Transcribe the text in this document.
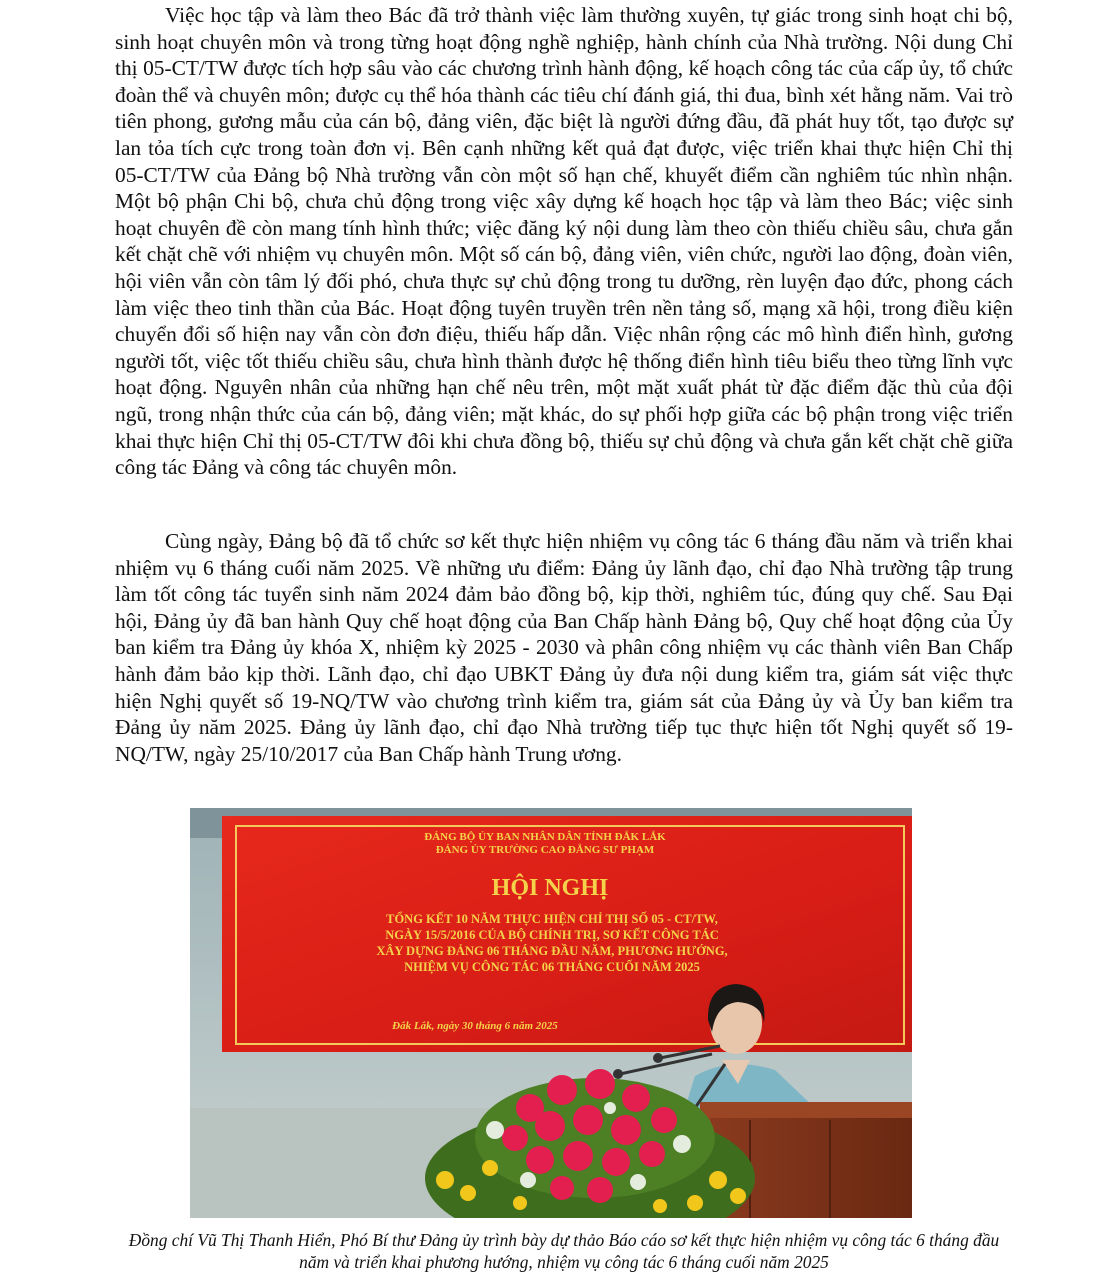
Việc học tập và làm theo Bác đã trở thành việc làm thường xuyên, tự giác trong sinh hoạt chi bộ, sinh hoạt chuyên môn và trong từng hoạt động nghề nghiệp, hành chính của Nhà trường. Nội dung Chỉ thị 05-CT/TW được tích hợp sâu vào các chương trình hành động, kế hoạch công tác của cấp ủy, tổ chức đoàn thể và chuyên môn; được cụ thể hóa thành các tiêu chí đánh giá, thi đua, bình xét hằng năm. Vai trò tiên phong, gương mẫu của cán bộ, đảng viên, đặc biệt là người đứng đầu, đã phát huy tốt, tạo được sự lan tỏa tích cực trong toàn đơn vị. Bên cạnh những kết quả đạt được, việc triển khai thực hiện Chỉ thị 05-CT/TW của Đảng bộ Nhà trường vẫn còn một số hạn chế, khuyết điểm cần nghiêm túc nhìn nhận. Một bộ phận Chi bộ, chưa chủ động trong việc xây dựng kế hoạch học tập và làm theo Bác; việc sinh hoạt chuyên đề còn mang tính hình thức; việc đăng ký nội dung làm theo còn thiếu chiều sâu, chưa gắn kết chặt chẽ với nhiệm vụ chuyên môn. Một số cán bộ, đảng viên, viên chức, người lao động, đoàn viên, hội viên vẫn còn tâm lý đối phó, chưa thực sự chủ động trong tu dưỡng, rèn luyện đạo đức, phong cách làm việc theo tinh thần của Bác. Hoạt động tuyên truyền trên nền tảng số, mạng xã hội, trong điều kiện chuyển đổi số hiện nay vẫn còn đơn điệu, thiếu hấp dẫn. Việc nhân rộng các mô hình điển hình, gương người tốt, việc tốt thiếu chiều sâu, chưa hình thành được hệ thống điển hình tiêu biểu theo từng lĩnh vực hoạt động. Nguyên nhân của những hạn chế nêu trên, một mặt xuất phát từ đặc điểm đặc thù của đội ngũ, trong nhận thức của cán bộ, đảng viên; mặt khác, do sự phối hợp giữa các bộ phận trong việc triển khai thực hiện Chỉ thị 05-CT/TW đôi khi chưa đồng bộ, thiếu sự chủ động và chưa gắn kết chặt chẽ giữa công tác Đảng và công tác chuyên môn.

Cùng ngày, Đảng bộ đã tổ chức sơ kết thực hiện nhiệm vụ công tác 6 tháng đầu năm và triển khai nhiệm vụ 6 tháng cuối năm 2025. Về những ưu điểm: Đảng ủy lãnh đạo, chỉ đạo Nhà trường tập trung làm tốt công tác tuyển sinh năm 2024 đảm bảo đồng bộ, kịp thời, nghiêm túc, đúng quy chế. Sau Đại hội, Đảng ủy đã ban hành Quy chế hoạt động của Ban Chấp hành Đảng bộ, Quy chế hoạt động của Ủy ban kiểm tra Đảng ủy khóa X, nhiệm kỳ 2025 - 2030 và phân công nhiệm vụ các thành viên Ban Chấp hành đảm bảo kịp thời. Lãnh đạo, chỉ đạo UBKT Đảng ủy đưa nội dung kiểm tra, giám sát việc thực hiện Nghị quyết số 19-NQ/TW vào chương trình kiểm tra, giám sát của Đảng ủy và Ủy ban kiểm tra Đảng ủy năm 2025. Đảng ủy lãnh đạo, chỉ đạo Nhà trường tiếp tục thực hiện tốt Nghị quyết số 19-NQ/TW, ngày 25/10/2017 của Ban Chấp hành Trung ương.

ĐẢNG BỘ ỦY BAN NHÂN DÂN TỈNH ĐẮK LẮK
ĐẢNG ỦY TRƯỜNG CAO ĐẲNG SƯ PHẠM
HỘI NGHỊ
TỔNG KẾT 10 NĂM THỰC HIỆN CHỈ THỊ SỐ 05 - CT/TW,
NGÀY 15/5/2016 CỦA BỘ CHÍNH TRỊ, SƠ KẾT CÔNG TÁC
XÂY DỰNG ĐẢNG 06 THÁNG ĐẦU NĂM, PHƯƠNG HƯỚNG,
NHIỆM VỤ CÔNG TÁC 06 THÁNG CUỐI NĂM 2025
Đắk Lắk, ngày 30 tháng 6 năm 2025

Đồng chí Vũ Thị Thanh Hiển, Phó Bí thư Đảng ủy trình bày dự thảo Báo cáo sơ kết thực hiện nhiệm vụ công tác 6 tháng đầu năm và triển khai phương hướng, nhiệm vụ công tác 6 tháng cuối năm 2025
